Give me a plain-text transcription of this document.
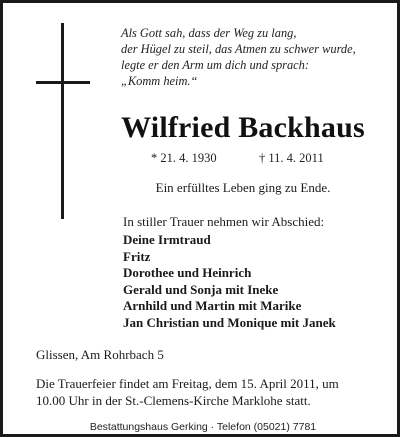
Als Gott sah, dass der Weg zu lang,
der Hügel zu steil, das Atmen zu schwer wurde,
legte er den Arm um dich und sprach:
„Komm heim.“
Wilfried Backhaus
* 21. 4. 1930	† 11. 4. 2011
Ein erfülltes Leben ging zu Ende.
In stiller Trauer nehmen wir Abschied:
Deine Irmtraud
Fritz
Dorothee und Heinrich
Gerald und Sonja mit Ineke
Arnhild und Martin mit Marike
Jan Christian und Monique mit Janek
Glissen, Am Rohrbach 5
Die Trauerfeier findet am Freitag, dem 15. April 2011, um
10.00 Uhr in der St.-Clemens-Kirche Marklohe statt.
Bestattungshaus Gerking · Telefon (05021) 7781
